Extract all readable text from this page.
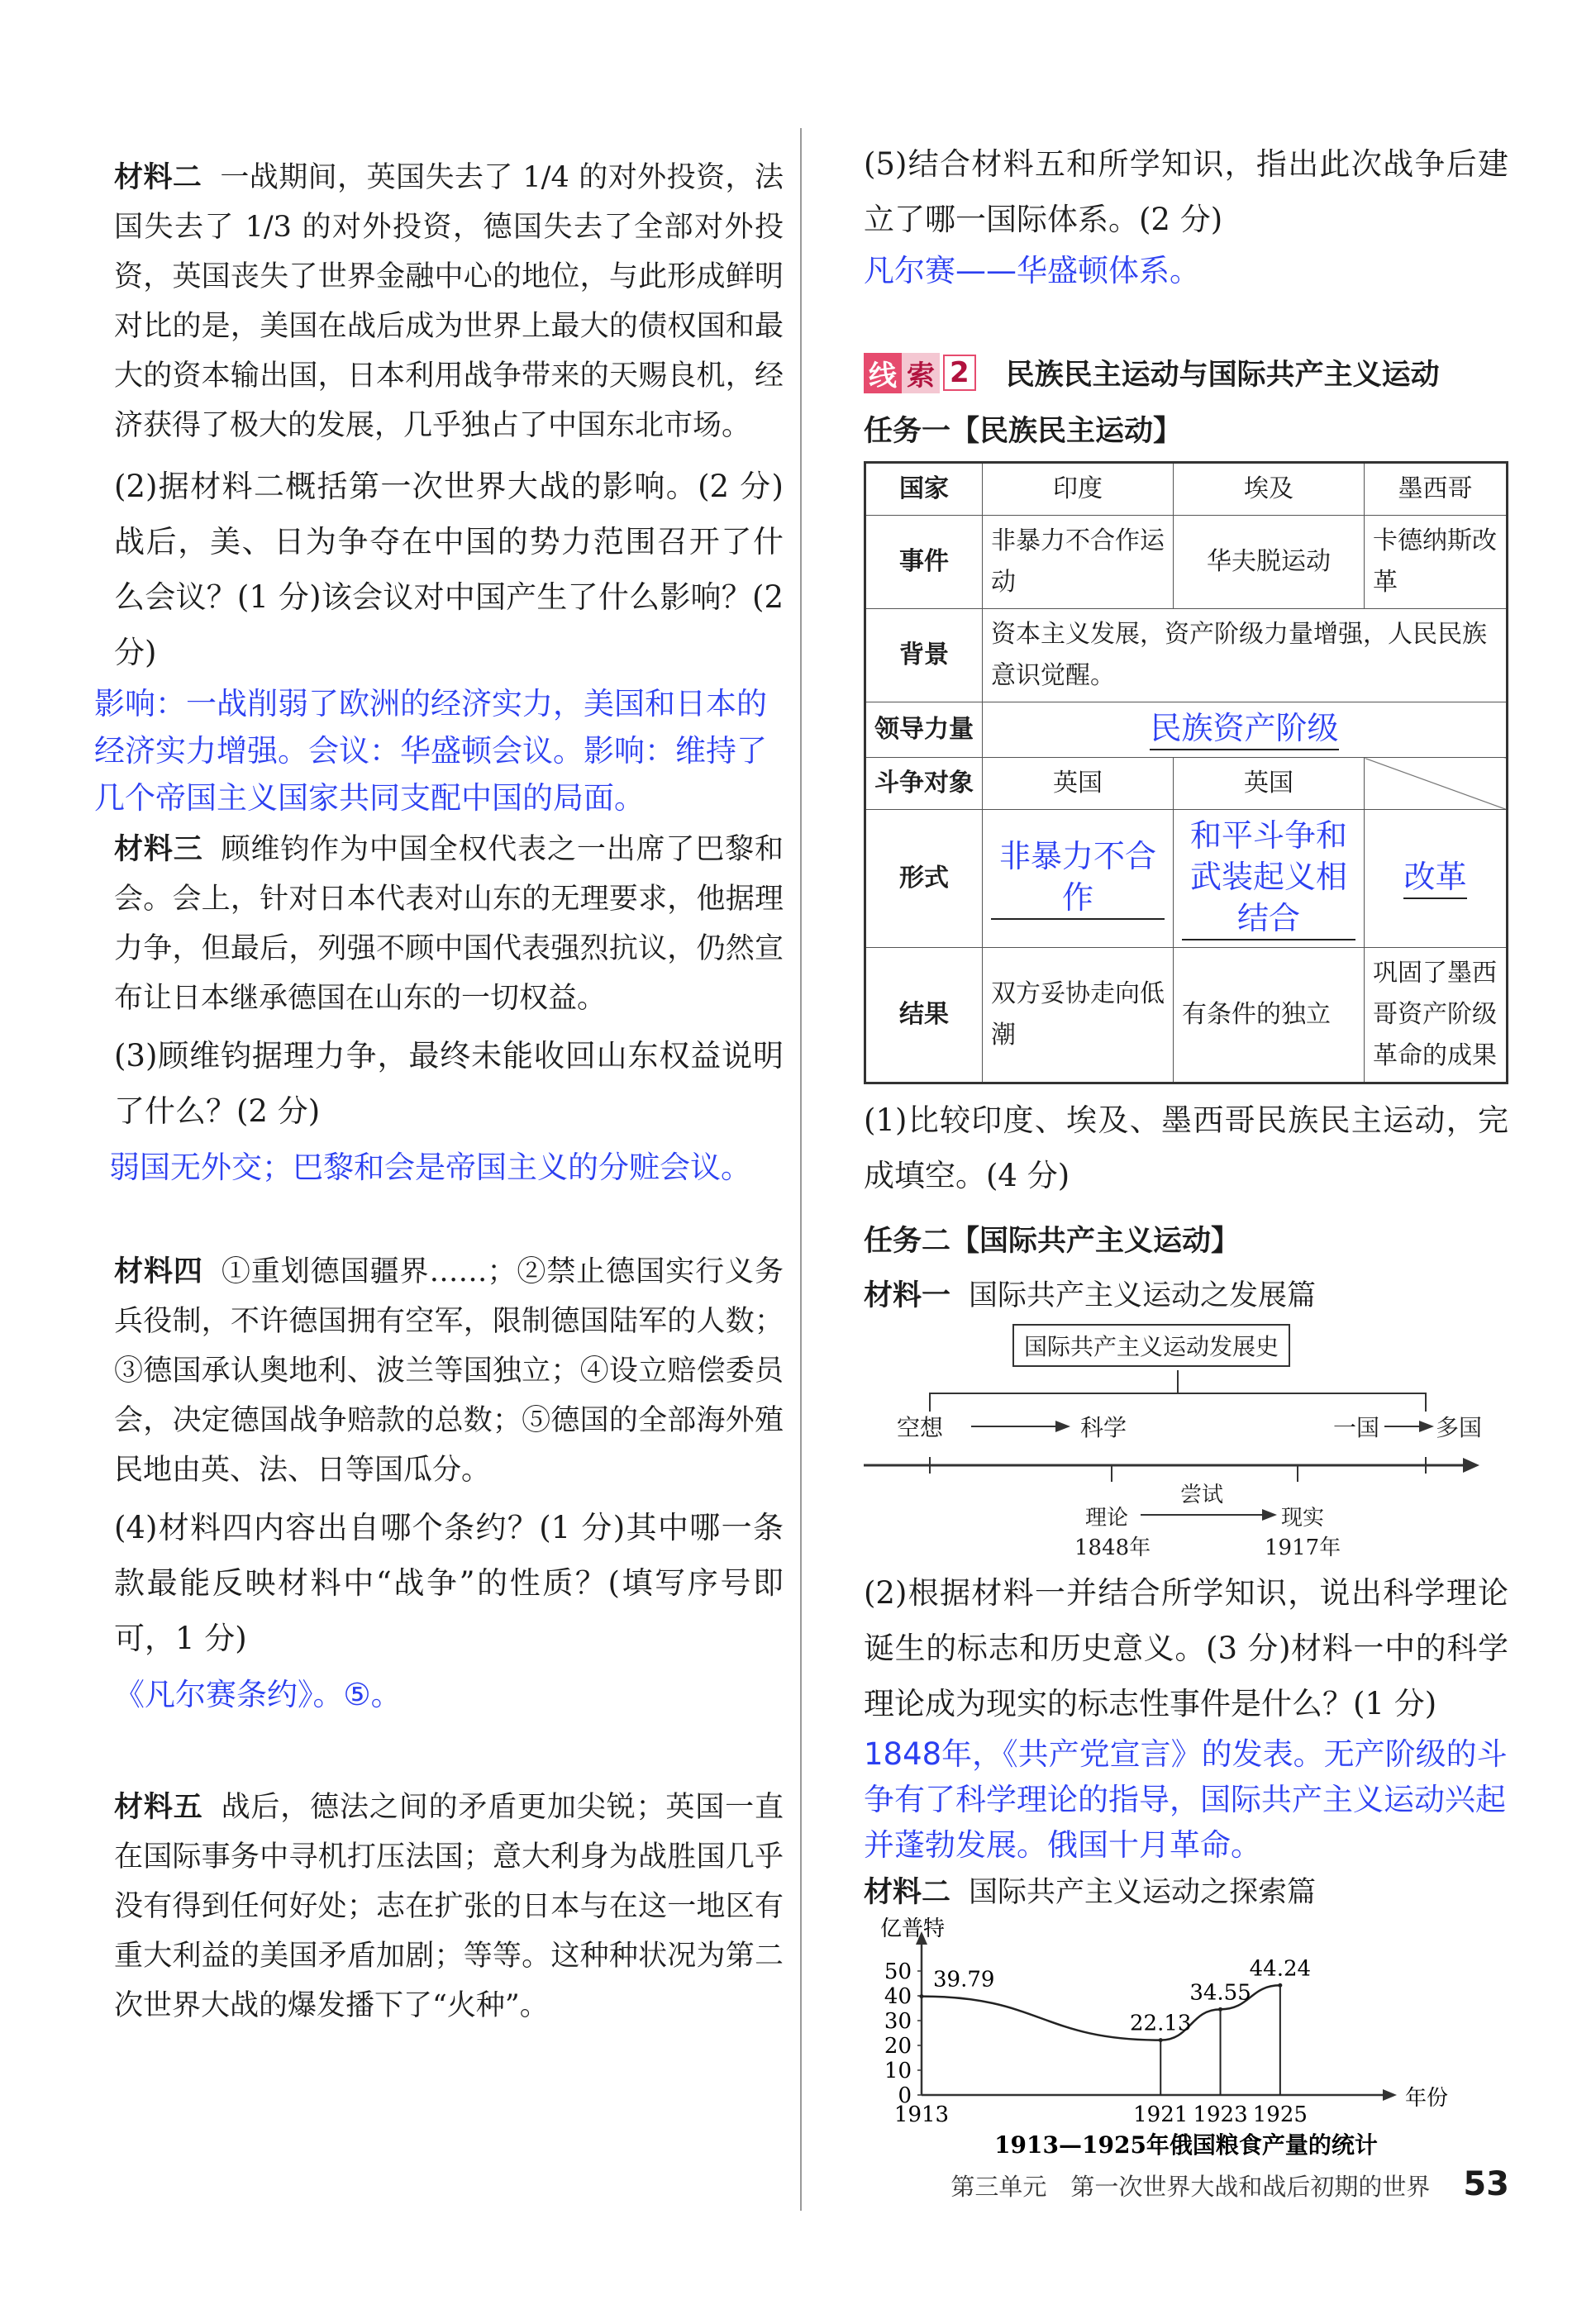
材料二 一战期间，英国失去了 1/4 的对外投资，法国失去了 1/3 的对外投资，德国失去了全部对外投资，英国丧失了世界金融中心的地位，与此形成鲜明对比的是，美国在战后成为世界上最大的债权国和最大的资本输出国，日本利用战争带来的天赐良机，经济获得了极大的发展，几乎独占了中国东北市场。

(2)据材料二概括第一次世界大战的影响。(2 分)战后，美、日为争夺在中国的势力范围召开了什么会议？(1 分)该会议对中国产生了什么影响？(2 分)

影响：一战削弱了欧洲的经济实力，美国和日本的经济实力增强。会议：华盛顿会议。影响：维持了几个帝国主义国家共同支配中国的局面。

材料三 顾维钧作为中国全权代表之一出席了巴黎和会。会上，针对日本代表对山东的无理要求，他据理力争，但最后，列强不顾中国代表强烈抗议，仍然宣布让日本继承德国在山东的一切权益。

(3)顾维钧据理力争，最终未能收回山东权益说明了什么？(2 分)

弱国无外交；巴黎和会是帝国主义的分赃会议。

材料四 ①重划德国疆界……；②禁止德国实行义务兵役制，不许德国拥有空军，限制德国陆军的人数；③德国承认奥地利、波兰等国独立；④设立赔偿委员会，决定德国战争赔款的总数；⑤德国的全部海外殖民地由英、法、日等国瓜分。

(4)材料四内容出自哪个条约？(1 分)其中哪一条款最能反映材料中“战争”的性质？(填写序号即可，1 分)

《凡尔赛条约》。⑤。

材料五 战后，德法之间的矛盾更加尖锐；英国一直在国际事务中寻机打压法国；意大利身为战胜国几乎没有得到任何好处；志在扩张的日本与在这一地区有重大利益的美国矛盾加剧；等等。这种种状况为第二次世界大战的爆发播下了“火种”。

(5)结合材料五和所学知识，指出此次战争后建立了哪一国际体系。(2 分)

凡尔赛——华盛顿体系。

线 索 2 民族民主运动与国际共产主义运动
任务一【民族民主运动】
国家	印度	埃及	墨西哥
事件	非暴力不合作运动	华夫脱运动	卡德纳斯改革
背景	资本主义发展，资产阶级力量增强，人民民族意识觉醒。		
领导力量	民族资产阶级		
斗争对象	英国	英国	
形式	非暴力不合作	和平斗争和武装起义相结合	改革
结果	双方妥协走向低潮	有条件的独立	巩固了墨西哥资产阶级革命的成果

(1)比较印度、埃及、墨西哥民族民主运动，完成填空。(4 分)

任务二【国际共产主义运动】

材料一 国际共产主义运动之发展篇

国际共产主义运动发展史
空想	科学	一国 多国
尝试
理论	现实
1848年	1917年

(2)根据材料一并结合所学知识，说出科学理论诞生的标志和历史意义。(3 分)材料一中的科学理论成为现实的标志性事件是什么？(1 分)

1848年，《共产党宣言》的发表。无产阶级的斗争有了科学理论的指导，国际共产主义运动兴起并蓬勃发展。俄国十月革命。

材料二 国际共产主义运动之探索篇

亿普特
年份
0
10
20
30
40
50
1913
39.79
1921
22.13
1923
34.55
1925
44.24
1913—1925年俄国粮食产量的统计
第三单元　第一次世界大战和战后初期的世界 53
